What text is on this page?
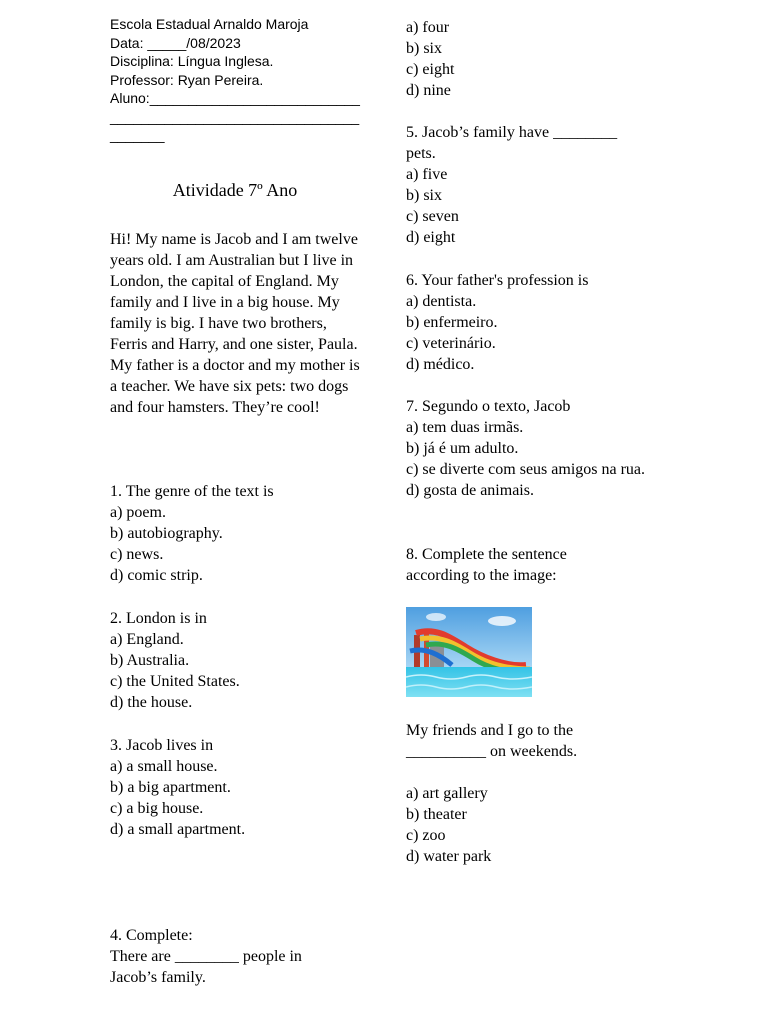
Escola Estadual Arnaldo Maroja
Data: _____/08/2023
Disciplina: Língua Inglesa.
Professor: Ryan Pereira.
Aluno:___________________________
________________________________
_______
Atividade 7º Ano
Hi! My name is Jacob and I am twelve years old. I am Australian but I live in London, the capital of England. My family and I live in a big house. My family is big. I have two brothers, Ferris and Harry, and one sister, Paula. My father is a doctor and my mother is a teacher. We have six pets: two dogs and four hamsters. They’re cool!
1. The genre of the text is
a) poem.
b) autobiography.
c) news.
d) comic strip.
2. London is in
a) England.
b) Australia.
c) the United States.
d) the house.
3. Jacob lives in
a) a small house.
b) a big apartment.
c) a big house.
d) a small apartment.
4. Complete:
There are ________ people in
Jacob’s family.
a) four
b) six
c) eight
d) nine
5. Jacob’s family have ________
pets.
a) five
b) six
c) seven
d) eight
6. Your father's profession is
a) dentista.
b) enfermeiro.
c) veterinário.
d) médico.
7. Segundo o texto, Jacob
a) tem duas irmãs.
b) já é um adulto.
c) se diverte com seus amigos na rua.
d) gosta de animais.
8. Complete the sentence
according to the image:
My friends and I go to the
__________ on weekends.
a) art gallery
b) theater
c) zoo
d) water park
